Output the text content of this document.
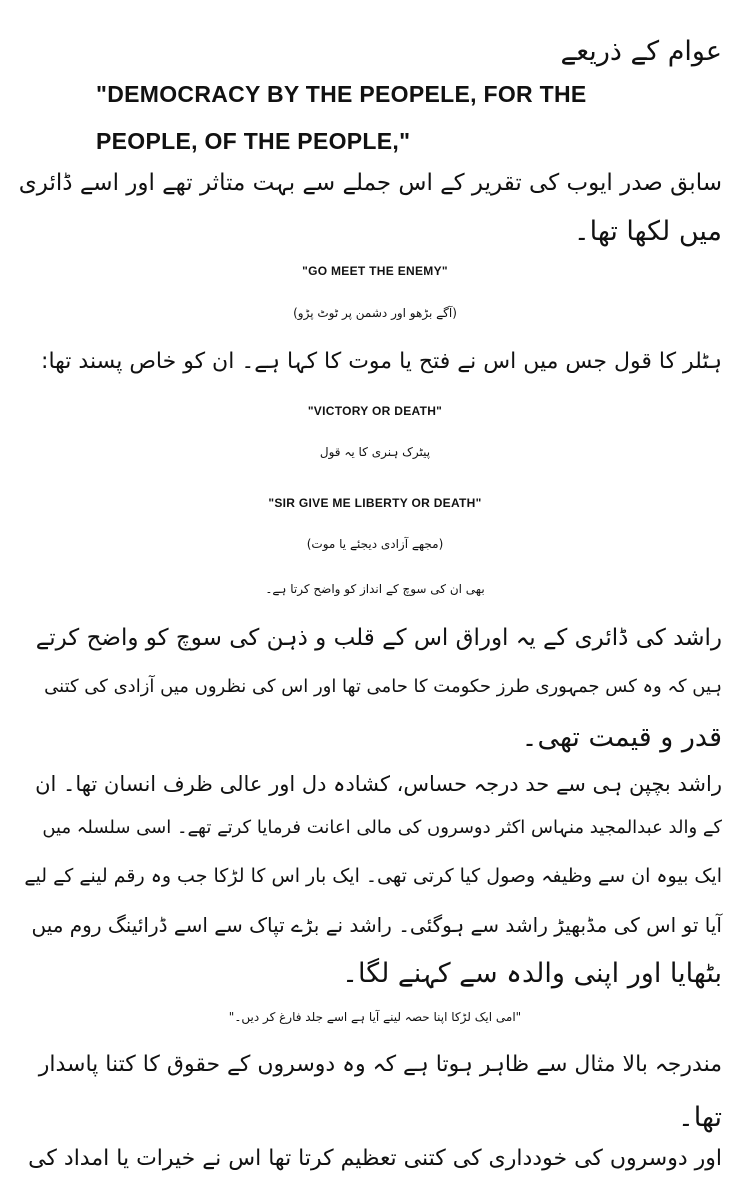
عوام کے ذریعے
"DEMOCRACY BY THE PEOPELE, FOR THE
PEOPLE, OF THE PEOPLE,"
سابق صدر ایوب کی تقریر کے اس جملے سے بہت متاثر تھے اور اسے ڈائری
میں لکھا تھا۔
"GO MEET THE ENEMY"
(آگے بڑھو اور دشمن پر ٹوٹ پڑو)
ہٹلر کا قول جس میں اس نے فتح یا موت کا کہا ہے۔ ان کو خاص پسند تھا:
"VICTORY OR DEATH"
پیٹرک ہنری کا یہ قول
"SIR GIVE ME LIBERTY OR DEATH"
(مجھے آزادی دیجئے یا موت)
بھی ان کی سوچ کے انداز کو واضح کرتا ہے۔
راشد کی ڈائری کے یہ اوراق اس کے قلب و ذہن کی سوچ کو واضح کرتے
ہیں کہ وہ کس جمہوری طرز حکومت کا حامی تھا اور اس کی نظروں میں آزادی کی کتنی
قدر و قیمت تھی۔
راشد بچپن ہی سے حد درجہ حساس، کشادہ دل اور عالی ظرف انسان تھا۔ ان
کے والد عبدالمجید منہاس اکثر دوسروں کی مالی اعانت فرمایا کرتے تھے۔ اسی سلسلہ میں
ایک بیوہ ان سے وظیفہ وصول کیا کرتی تھی۔ ایک بار اس کا لڑکا جب وہ رقم لینے کے لیے
آیا تو اس کی مڈبھیڑ راشد سے ہوگئی۔ راشد نے بڑے تپاک سے اسے ڈرائینگ روم میں
بٹھایا اور اپنی والدہ سے کہنے لگا۔
"امی ایک لڑکا اپنا حصہ لینے آیا ہے اسے جلد فارغ کر دیں۔"
مندرجہ بالا مثال سے ظاہر ہوتا ہے کہ وہ دوسروں کے حقوق کا کتنا پاسدار
تھا۔
اور دوسروں کی خودداری کی کتنی تعظیم کرتا تھا اس نے خیرات یا امداد کی
